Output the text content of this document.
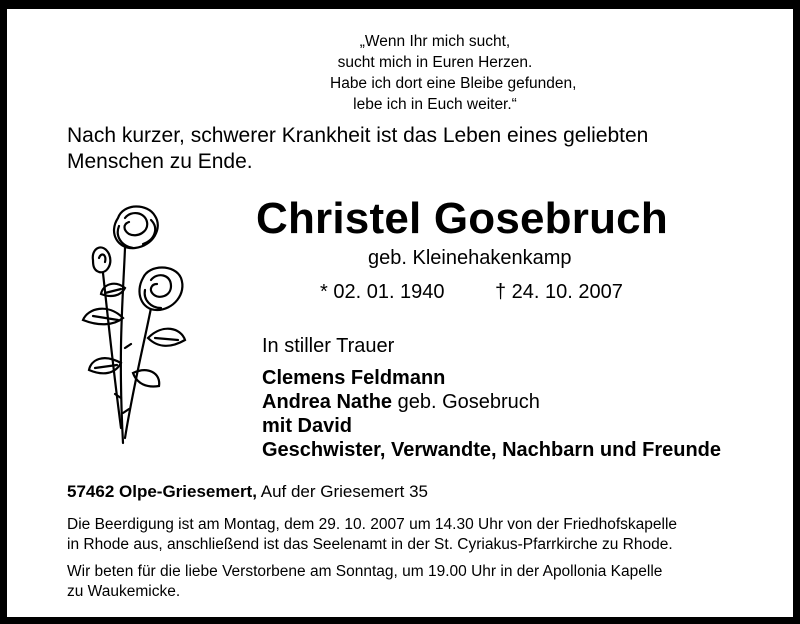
„Wenn Ihr mich sucht,
sucht mich in Euren Herzen.
Habe ich dort eine Bleibe gefunden,
lebe ich in Euch weiter.“
Nach kurzer, schwerer Krankheit ist das Leben eines geliebten
Menschen zu Ende.
Christel Gosebruch
geb. Kleinehakenkamp
* 02. 01. 1940	† 24. 10. 2007
In stiller Trauer
Clemens Feldmann
Andrea Nathe geb. Gosebruch
mit David
Geschwister, Verwandte, Nachbarn und Freunde
57462 Olpe-Griesemert, Auf der Griesemert 35
Die Beerdigung ist am Montag, dem 29. 10. 2007 um 14.30 Uhr von der Friedhofskapelle
in Rhode aus, anschließend ist das Seelenamt in der St. Cyriakus-Pfarrkirche zu Rhode.
Wir beten für die liebe Verstorbene am Sonntag, um 19.00 Uhr in der Apollonia Kapelle
zu Waukemicke.
